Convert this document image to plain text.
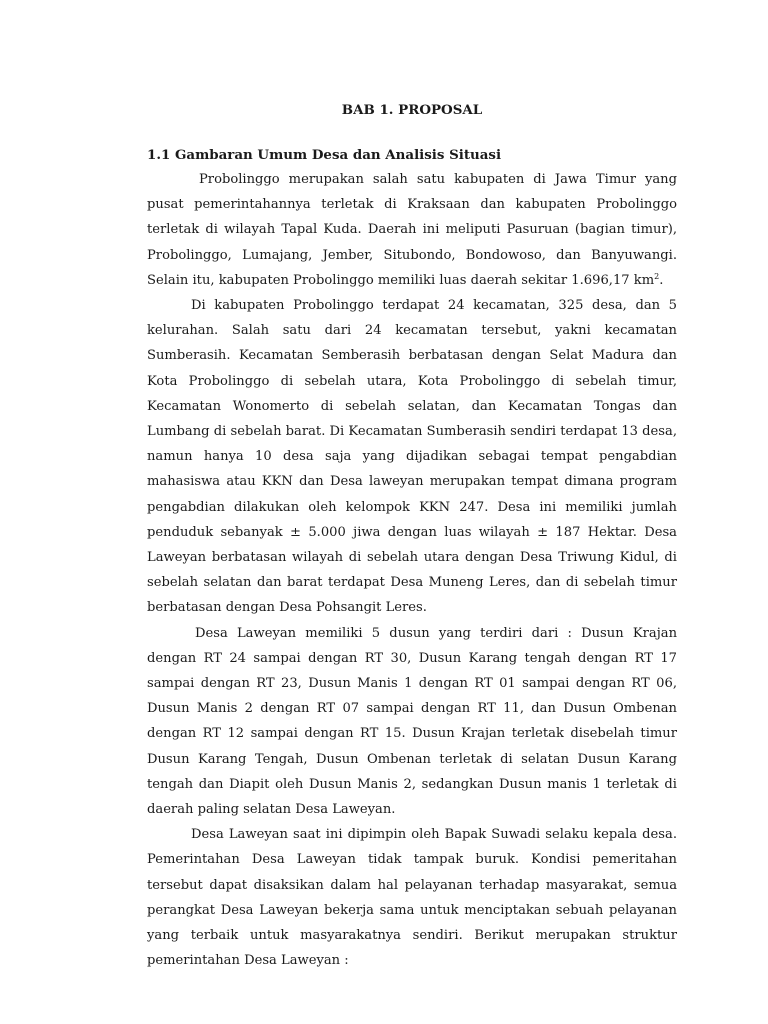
BAB 1. PROPOSAL
1.1 Gambaran Umum Desa dan Analisis Situasi

Probolinggo merupakan salah satu kabupaten di Jawa Timur yang pusat pemerintahannya terletak di Kraksaan dan kabupaten Probolinggo terletak di wilayah Tapal Kuda. Daerah ini meliputi Pasuruan (bagian timur), Probolinggo, Lumajang, Jember, Situbondo, Bondowoso, dan Banyuwangi. Selain itu, kabupaten Probolinggo memiliki luas daerah sekitar 1.696,17 $km^2$.

Di kabupaten Probolinggo terdapat 24 kecamatan, 325 desa, dan 5 kelurahan. Salah satu dari 24 kecamatan tersebut, yakni kecamatan Sumberasih. Kecamatan Semberasih berbatasan dengan Selat Madura dan Kota Probolinggo di sebelah utara, Kota Probolinggo di sebelah timur, Kecamatan Wonomerto di sebelah selatan, dan Kecamatan Tongas dan Lumbang di sebelah barat. Di Kecamatan Sumberasih sendiri terdapat 13 desa, namun hanya 10 desa saja yang dijadikan sebagai tempat pengabdian mahasiswa atau KKN dan Desa laweyan merupakan tempat dimana program pengabdian dilakukan oleh kelompok KKN 247. Desa ini memiliki jumlah penduduk sebanyak ± 5.000 jiwa dengan luas wilayah ± 187 Hektar. Desa Laweyan berbatasan wilayah di sebelah utara dengan Desa Triwung Kidul, di sebelah selatan dan barat terdapat Desa Muneng Leres, dan di sebelah timur berbatasan dengan Desa Pohsangit Leres.

Desa Laweyan memiliki 5 dusun yang terdiri dari : Dusun Krajan dengan RT 24 sampai dengan RT 30, Dusun Karang tengah dengan RT 17 sampai dengan RT 23, Dusun Manis 1 dengan RT 01 sampai dengan RT 06, Dusun Manis 2 dengan RT 07 sampai dengan RT 11, dan Dusun Ombenan dengan RT 12 sampai dengan RT 15. Dusun Krajan terletak disebelah timur Dusun Karang Tengah, Dusun Ombenan terletak di selatan Dusun Karang tengah dan Diapit oleh Dusun Manis 2, sedangkan Dusun manis 1 terletak di daerah paling selatan Desa Laweyan.

Desa Laweyan saat ini dipimpin oleh Bapak Suwadi selaku kepala desa. Pemerintahan Desa Laweyan tidak tampak buruk. Kondisi pemeritahan tersebut dapat disaksikan dalam hal pelayanan terhadap masyarakat, semua perangkat Desa Laweyan bekerja sama untuk menciptakan sebuah pelayanan yang terbaik untuk masyarakatnya sendiri. Berikut merupakan struktur pemerintahan Desa Laweyan :
